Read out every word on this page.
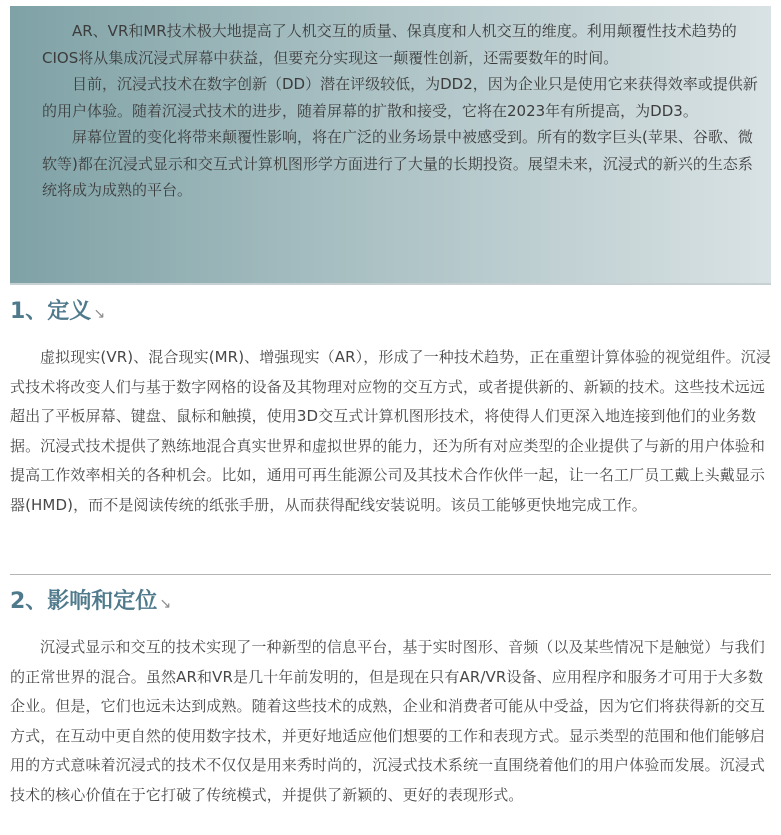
AR、VR和MR技术极大地提高了人机交互的质量、保真度和人机交互的维度。利用颠覆性技术趋势的CIOS将从集成沉浸式屏幕中获益，但要充分实现这一颠覆性创新，还需要数年的时间。

目前，沉浸式技术在数字创新（DD）潜在评级较低，为DD2，因为企业只是使用它来获得效率或提供新的用户体验。随着沉浸式技术的进步，随着屏幕的扩散和接受，它将在2023年有所提高，为DD3。

屏幕位置的变化将带来颠覆性影响，将在广泛的业务场景中被感受到。所有的数字巨头(苹果、谷歌、微软等)都在沉浸式显示和交互式计算机图形学方面进行了大量的长期投资。展望未来，沉浸式的新兴的生态系统将成为成熟的平台。

1、定义 ↘

虚拟现实(VR)、混合现实(MR)、增强现实（AR），形成了一种技术趋势，正在重塑计算体验的视觉组件。沉浸式技术将改变人们与基于数字网格的设备及其物理对应物的交互方式，或者提供新的、新颖的技术。这些技术远远超出了平板屏幕、键盘、鼠标和触摸，使用3D交互式计算机图形技术，将使得人们更深入地连接到他们的业务数据。沉浸式技术提供了熟练地混合真实世界和虚拟世界的能力，还为所有对应类型的企业提供了与新的用户体验和提高工作效率相关的各种机会。比如，通用可再生能源公司及其技术合作伙伴一起，让一名工厂员工戴上头戴显示器(HMD)，而不是阅读传统的纸张手册，从而获得配线安装说明。该员工能够更快地完成工作。

2、影响和定位 ↘

沉浸式显示和交互的技术实现了一种新型的信息平台，基于实时图形、音频（以及某些情况下是触觉）与我们的正常世界的混合。虽然AR和VR是几十年前发明的，但是现在只有AR/VR设备、应用程序和服务才可用于大多数企业。但是，它们也远未达到成熟。随着这些技术的成熟，企业和消费者可能从中受益，因为它们将获得新的交互方式，在互动中更自然的使用数字技术，并更好地适应他们想要的工作和表现方式。显示类型的范围和他们能够启用的方式意味着沉浸式的技术不仅仅是用来秀时尚的，沉浸式技术系统一直围绕着他们的用户体验而发展。沉浸式技术的核心价值在于它打破了传统模式，并提供了新颖的、更好的表现形式。
